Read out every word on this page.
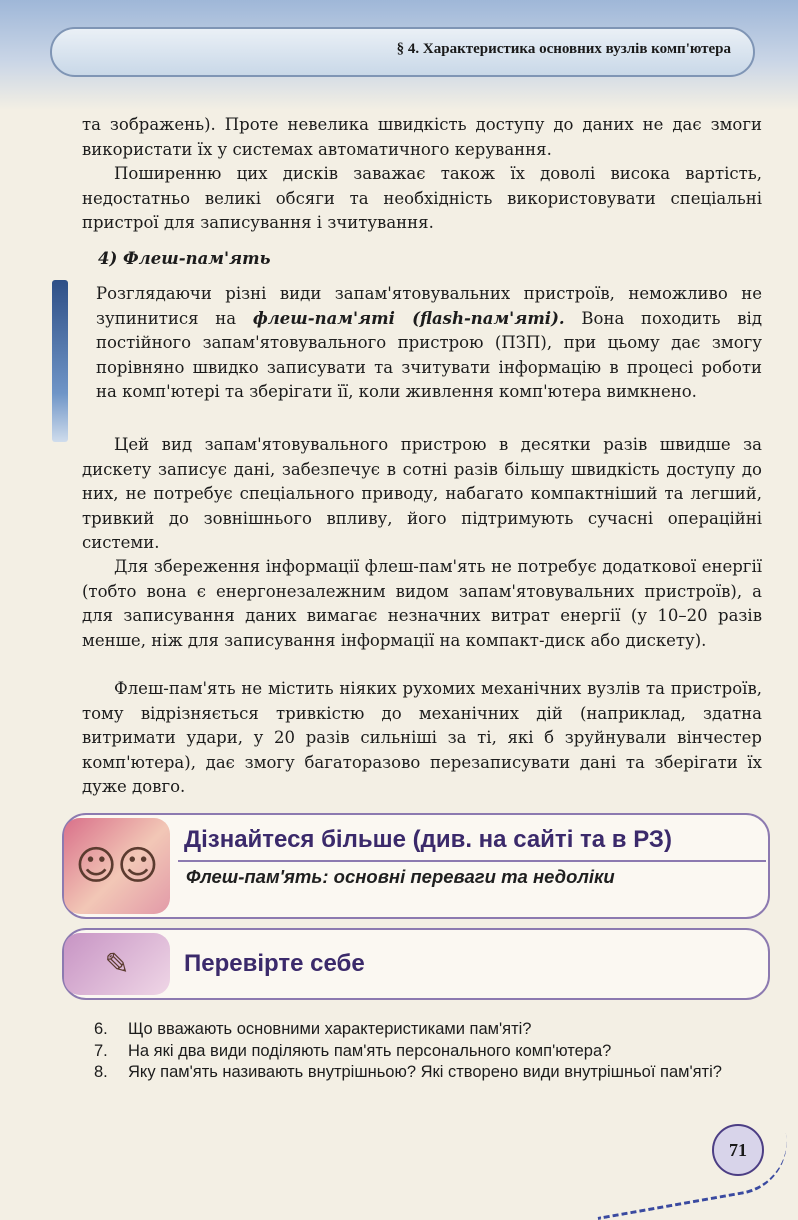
§ 4. Характеристика основних вузлів комп'ютера

та зображень). Проте невелика швидкість доступу до даних не дає змоги використати їх у системах автоматичного керування.

Поширенню цих дисків заважає також їх доволі висока вартість, недостатньо великі обсяги та необхідність використовувати спеціальні пристрої для записування і зчитування.

4) Флеш-пам'ять

Розглядаючи різні види запам'ятовувальних пристроїв, неможливо не зупинитися на флеш-пам'яті (flash-пам'яті). Вона походить від постійного запам'ятовувального пристрою (ПЗП), при цьому дає змогу порівняно швидко записувати та зчитувати інформацію в процесі роботи на комп'ютері та зберігати її, коли живлення комп'ютера вимкнено.

Цей вид запам'ятовувального пристрою в десятки разів швидше за дискету записує дані, забезпечує в сотні разів більшу швидкість доступу до них, не потребує спеціального приводу, набагато компактніший та легший, тривкий до зовнішнього впливу, його підтримують сучасні операційні системи.

Для збереження інформації флеш-пам'ять не потребує додаткової енергії (тобто вона є енергонезалежним видом запам'ятовувальних пристроїв), а для записування даних вимагає незначних витрат енергії (у 10–20 разів менше, ніж для записування інформації на компакт-диск або дискету).

Флеш-пам'ять не містить ніяких рухомих механічних вузлів та пристроїв, тому відрізняється тривкістю до механічних дій (наприклад, здатна витримати удари, у 20 разів сильніші за ті, які б зруйнували вінчестер комп'ютера), дає змогу багаторазово перезаписувати дані та зберігати їх дуже довго.

☺☺
Дізнайтеся більше (див. на сайті та в РЗ)
Флеш-пам'ять: основні переваги та недоліки
✎	Перевірте себе
6.	Що вважають основними характеристиками пам'яті?
7.	На які два види поділяють пам'ять персонального комп'ютера?
8.	Яку пам'ять називають внутрішньою? Які створено види внутрішньої пам'яті?
71
